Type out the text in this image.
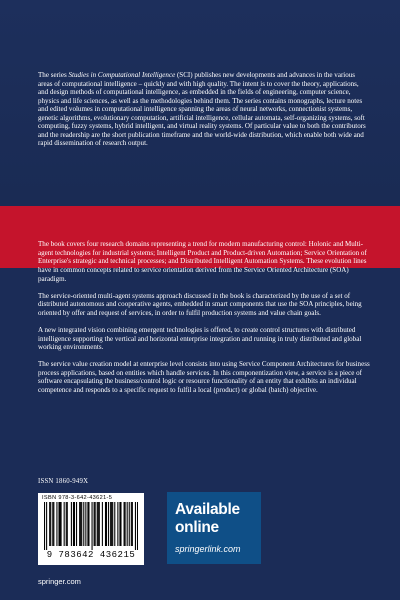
The series Studies in Computational Intelligence (SCI) publishes new developments and advances in the various areas of computational intelligence – quickly and with high quality. The intent is to cover the theory, applications, and design methods of computational intelligence, as embedded in the fields of engineering, computer science, physics and life sciences, as well as the methodologies behind them. The series contains monographs, lecture notes and edited volumes in computational intelligence spanning the areas of neural networks, connectionist systems, genetic algorithms, evolutionary computation, artificial intelligence, cellular automata, self-organizing systems, soft computing, fuzzy systems, hybrid intelligent, and virtual reality systems. Of particular value to both the contributors and the readership are the short publication timeframe and the world-wide distribution, which enable both wide and rapid dissemination of research output.

The book covers four research domains representing a trend for modern manufacturing control: Holonic and Multi-agent technologies for industrial systems; Intelligent Product and Product-driven Automation; Service Orientation of Enterprise's strategic and technical processes; and Distributed Intelligent Automation Systems. These evolution lines have in common concepts related to service orientation derived from the Service Oriented Architecture (SOA) paradigm.

The service-oriented multi-agent systems approach discussed in the book is characterized by the use of a set of distributed autonomous and cooperative agents, embedded in smart components that use the SOA principles, being oriented by offer and request of services, in order to fulfil production systems and value chain goals.

A new integrated vision combining emergent technologies is offered, to create control structures with distributed intelligence supporting the vertical and horizontal enterprise integration and running in truly distributed and global working environments.

The service value creation model at enterprise level consists into using Service Component Architectures for business process applications, based on entities which handle services. In this componentization view, a service is a piece of software encapsulating the business/control logic or resource functionality of an entity that exhibits an individual competence and responds to a specific request to fulfil a local (product) or global (batch) objective.

ISSN 1860-949X
ISBN 978-3-642-43621-5
9 783642 436215
Available
online
springerlink.com
springer.com
